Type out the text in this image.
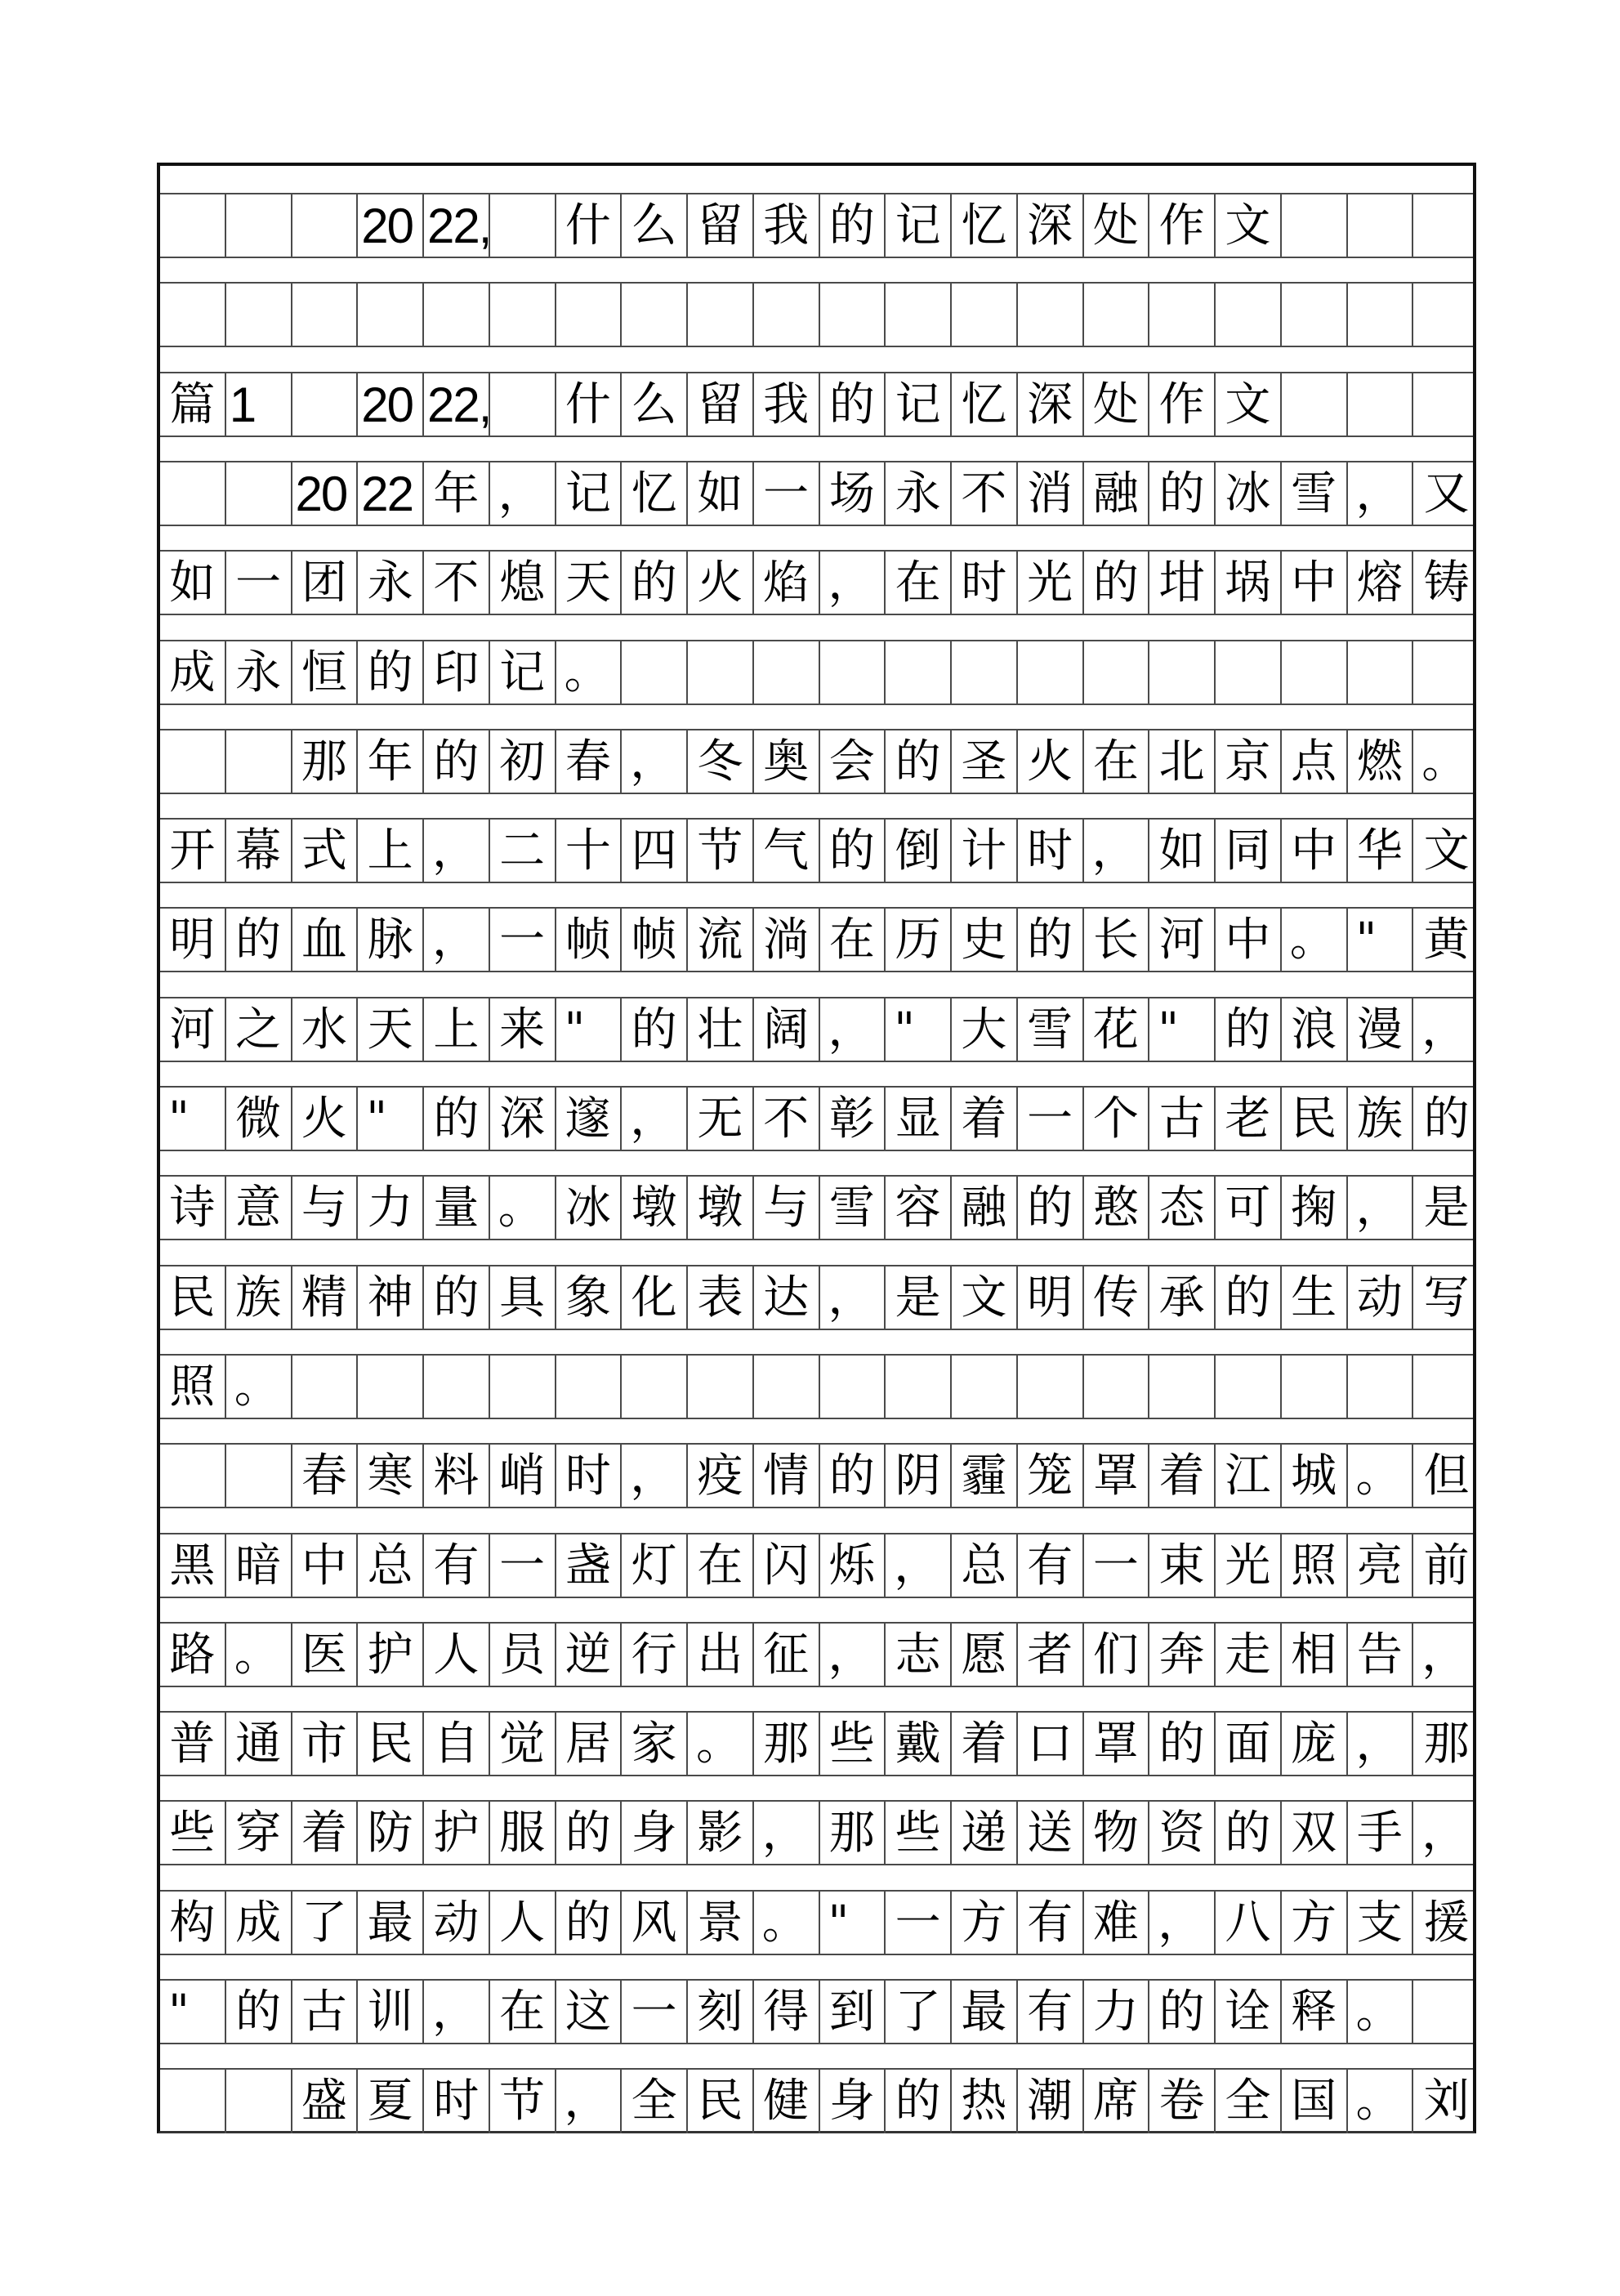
20 22, 什 么 留 我 的 记 忆 深 处 作 文
篇 1	20 22, 什 么 留 我 的 记 忆 深 处 作 文
20 22 年 ， 记 忆 如 一 场 永 不 消 融 的 冰 雪 ， 又
如 一 团 永 不 熄 天 的 火 焰 ， 在 时 光 的 坩 埚 中 熔 铸
成 永 恒 的 印 记 。
那 年 的 初 春 ， 冬 奥 会 的 圣 火 在 北 京 点 燃 。
开 幕 式 上 ， 二 十 四 节 气 的 倒 计 时 ， 如 同 中 华 文
明 的 血 脉 ， 一 帧 帧 流 淌 在 历 史 的 长 河 中 。 "	黄
河 之 水 天 上 来 "	的 壮 阔 ， "	大 雪 花 "	的 浪 漫 ，
"	微 火 "	的 深 邃 ， 无 不 彰 显 着 一 个 古 老 民 族 的
诗 意 与 力 量 。 冰 墩 墩 与 雪 容 融 的 憨 态 可 掬 ， 是
民 族 精 神 的 具 象 化 表 达 ， 是 文 明 传 承 的 生 动 写
照 。
春 寒 料 峭 时 ， 疫 情 的 阴 霾 笼 罩 着 江 城 。 但
黑 暗 中 总 有 一 盏 灯 在 闪 烁 ， 总 有 一 束 光 照 亮 前
路 。 医 护 人 员 逆 行 出 征 ， 志 愿 者 们 奔 走 相 告 ，
普 通 市 民 自 觉 居 家 。 那 些 戴 着 口 罩 的 面 庞 ， 那
些 穿 着 防 护 服 的 身 影 ， 那 些 递 送 物 资 的 双 手 ，
构 成 了 最 动 人 的 风 景 。 "	一 方 有 难 ， 八 方 支 援
"	的 古 训 ， 在 这 一 刻 得 到 了 最 有 力 的 诠 释 。
盛 夏 时 节 ， 全 民 健 身 的 热 潮 席 卷 全 国 。 刘
